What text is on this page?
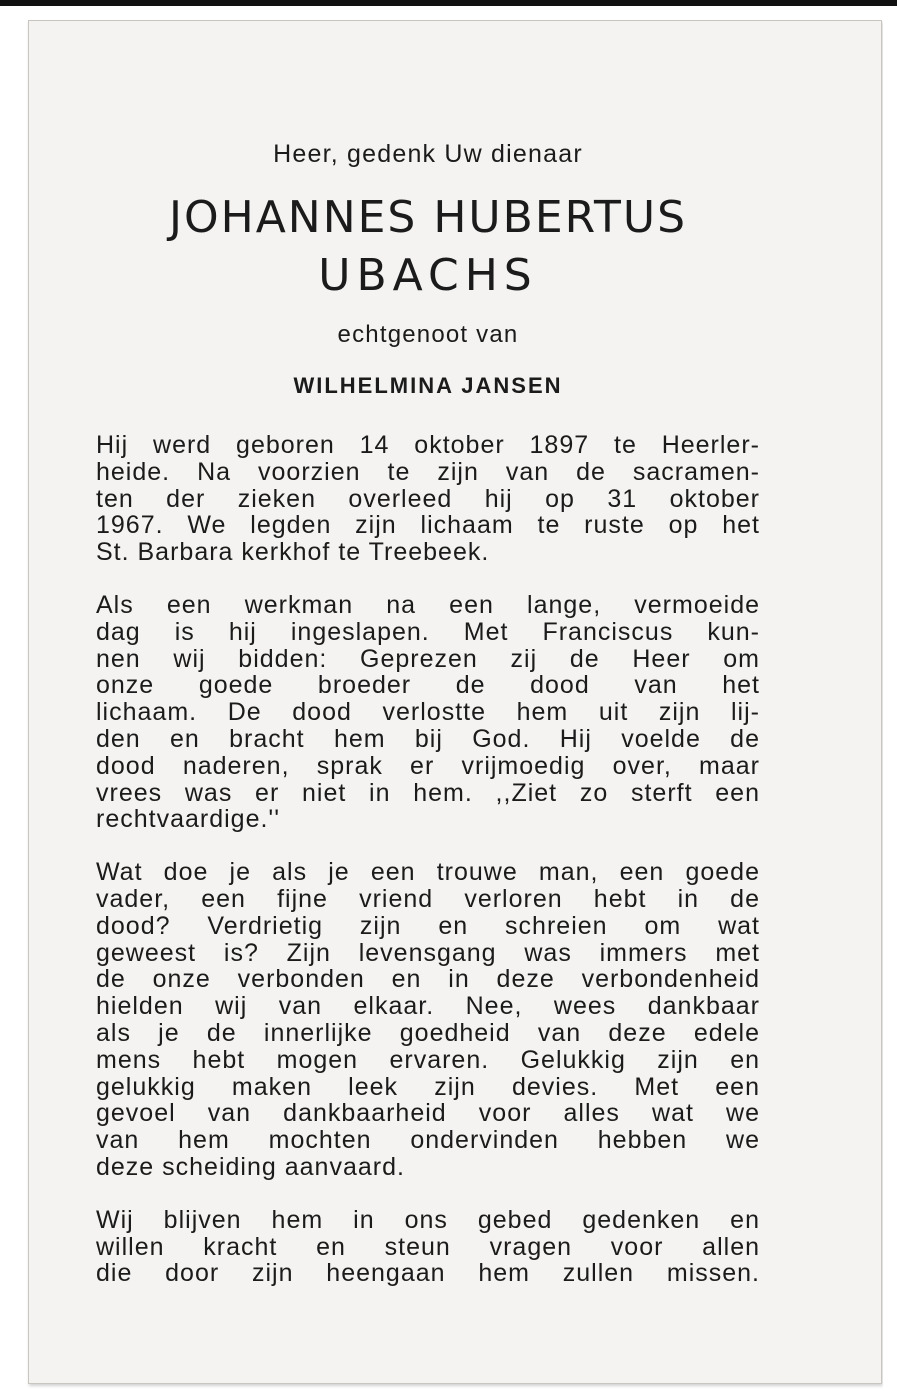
Heer, gedenk Uw dienaar

JOHANNES HUBERTUS

UBACHS

echtgenoot van

WILHELMINA JANSEN

Hij werd geboren 14 oktober 1897 te Heerler-
heide. Na voorzien te zijn van de sacramen-
ten der zieken overleed hij op 31 oktober
1967. We legden zijn lichaam te ruste op het
St. Barbara kerkhof te Treebeek.
Als een werkman na een lange, vermoeide
dag is hij ingeslapen. Met Franciscus kun-
nen wij bidden: Geprezen zij de Heer om
onze goede broeder de dood van het
lichaam. De dood verlostte hem uit zijn lij-
den en bracht hem bij God. Hij voelde de
dood naderen, sprak er vrijmoedig over, maar
vrees was er niet in hem. ,,Ziet zo sterft een
rechtvaardige.''
Wat doe je als je een trouwe man, een goede
vader, een fijne vriend verloren hebt in de
dood? Verdrietig zijn en schreien om wat
geweest is? Zijn levensgang was immers met
de onze verbonden en in deze verbondenheid
hielden wij van elkaar. Nee, wees dankbaar
als je de innerlijke goedheid van deze edele
mens hebt mogen ervaren. Gelukkig zijn en
gelukkig maken leek zijn devies. Met een
gevoel van dankbaarheid voor alles wat we
van hem mochten ondervinden hebben we
deze scheiding aanvaard.
Wij blijven hem in ons gebed gedenken en
willen kracht en steun vragen voor allen
die door zijn heengaan hem zullen missen.
